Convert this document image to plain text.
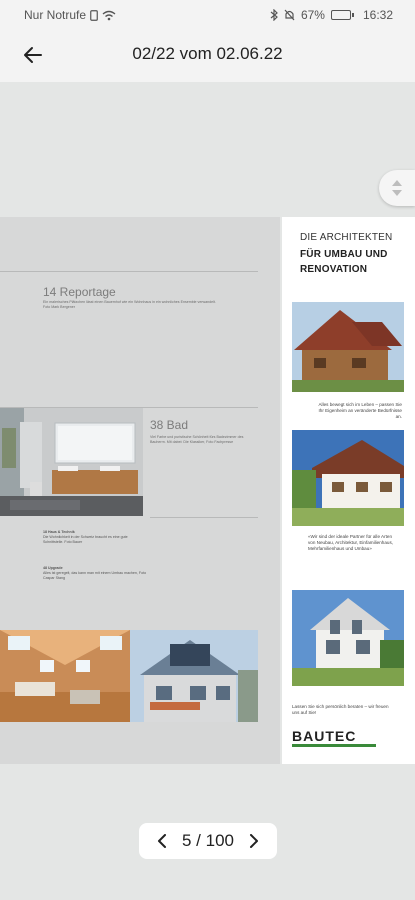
Nur Notrufe	67%	16:32
02/22 vom 02.06.22
14 Reportage
Ein malerisches Plätzchen lässt einen Bauernhof wie ein Wohnhaus in ein wohnliches Ensemble verwandelt. Foto Mark Bergener
38 Bad
Viel Farbe und puristische Schönheit fürs Badezimmer des Bauherrn. Mit dabei: Die Klassiker, Foto Fachpresse
18 Haus & Technik
Die Wohnlichkeit in der Schweiz braucht es eine gute Schnittstelle. Foto Bauer
48 Upgrade
Alles ist geregelt, das kann man mit einem Umbau machen, Foto Caspar Stang
DIE ARCHITEKTEN
FÜR UMBAU UND
RENOVATION
Alles bewegt sich im Leben – passen Sie Ihr Eigenheim an veränderte Bedürfnisse an.
«Wir sind der ideale Partner für alle Arten von Neubau, Architektur, Einfamilienhaus, Mehrfamilienhaus und Umbau»
Lassen Sie sich persönlich beraten – wir freuen uns auf Sie!
BAUTEC
5 / 100
